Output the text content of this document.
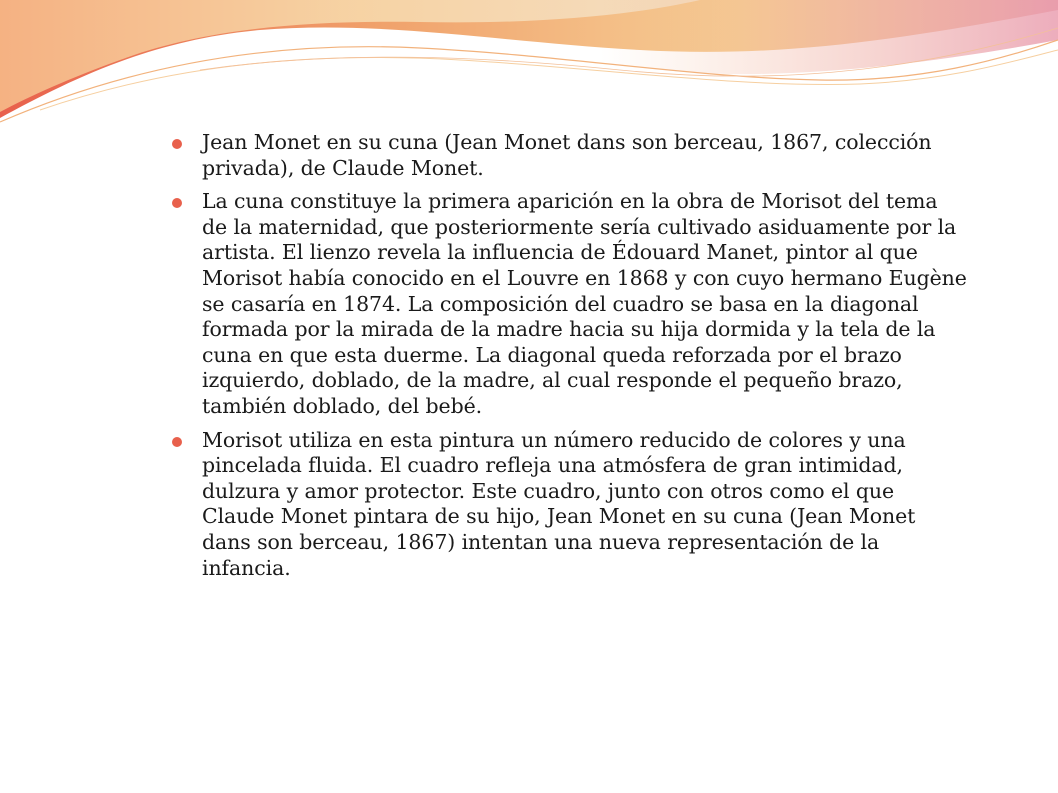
Jean Monet en su cuna (Jean Monet dans son berceau, 1867, colección privada), de Claude Monet.
La cuna constituye la primera aparición en la obra de Morisot del tema de la maternidad, que posteriormente sería cultivado asiduamente por la artista. El lienzo revela la influencia de Édouard Manet, pintor al que Morisot había conocido en el Louvre en 1868 y con cuyo hermano Eugène se casaría en 1874. La composición del cuadro se basa en la diagonal formada por la mirada de la madre hacia su hija dormida y la tela de la cuna en que esta duerme. La diagonal queda reforzada por el brazo izquierdo, doblado, de la madre, al cual responde el pequeño brazo, también doblado, del bebé.
Morisot utiliza en esta pintura un número reducido de colores y una pincelada fluida. El cuadro refleja una atmósfera de gran intimidad, dulzura y amor protector. Este cuadro, junto con otros como el que Claude Monet pintara de su hijo, Jean Monet en su cuna (Jean Monet dans son berceau, 1867) intentan una nueva representación de la infancia.
